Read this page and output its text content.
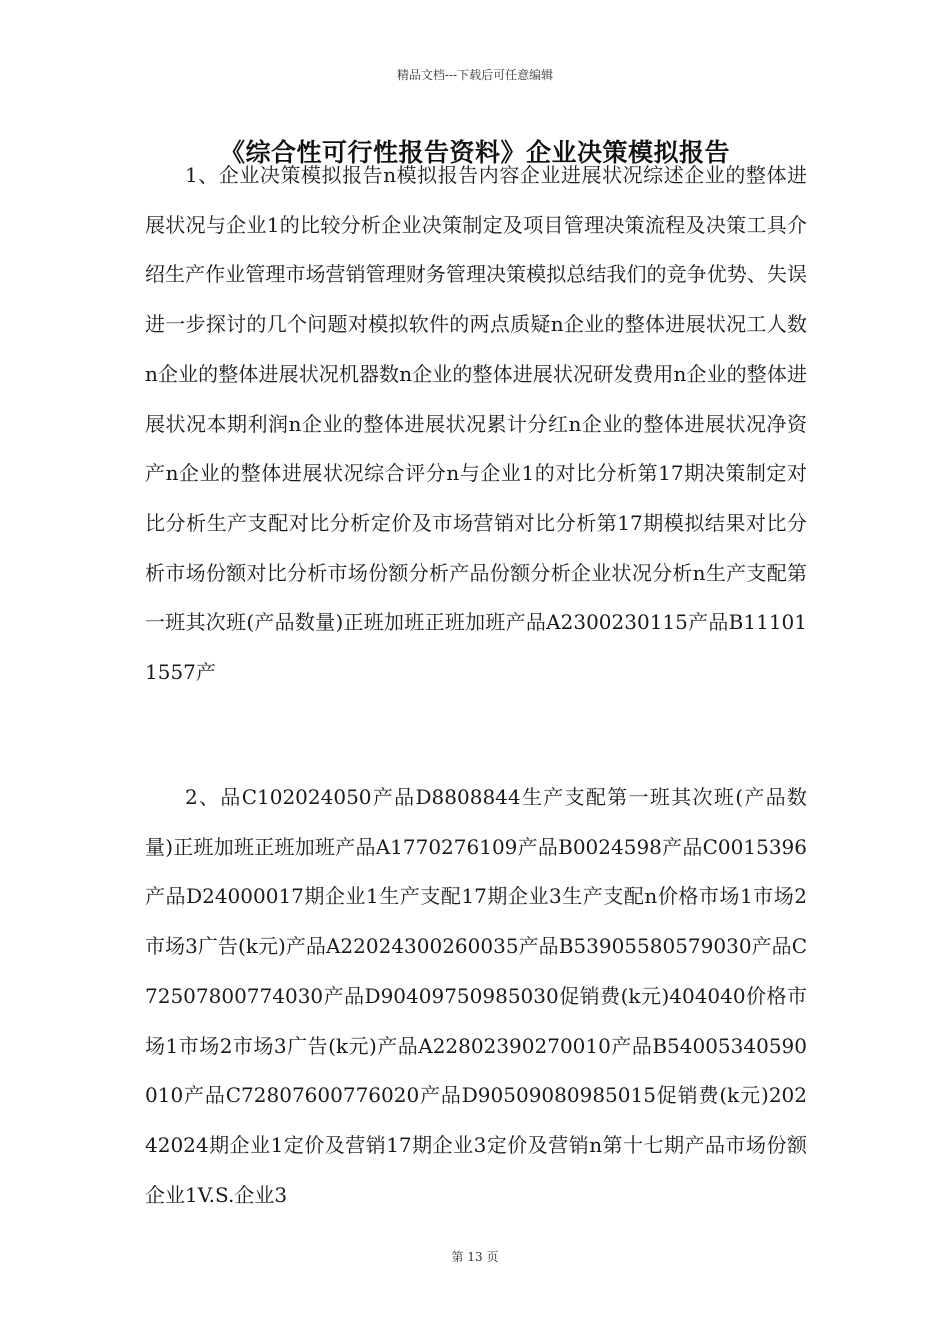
精品文档---下载后可任意编辑
《综合性可行性报告资料》企业决策模拟报告

1、企业决策模拟报告n模拟报告内容企业进展状况综述企业的整体进展状况与企业1的比较分析企业决策制定及项目管理决策流程及决策工具介绍生产作业管理市场营销管理财务管理决策模拟总结我们的竞争优势、失误进一步探讨的几个问题对模拟软件的两点质疑n企业的整体进展状况工人数n企业的整体进展状况机器数n企业的整体进展状况研发费用n企业的整体进展状况本期利润n企业的整体进展状况累计分红n企业的整体进展状况净资产n企业的整体进展状况综合评分n与企业1的对比分析第17期决策制定对比分析生产支配对比分析定价及市场营销对比分析第17期模拟结果对比分析市场份额对比分析市场份额分析产品份额分析企业状况分析n生产支配第一班其次班(产品数量)正班加班正班加班产品A2300230115产品B111011557产

2、品C102024050产品D8808844生产支配第一班其次班(产品数量)正班加班正班加班产品A1770276109产品B0024598产品C0015396产品D24000017期企业1生产支配17期企业3生产支配n价格市场1市场2市场3广告(k元)产品A22024300260035产品B53905580579030产品C72507800774030产品D90409750985030促销费(k元)404040价格市场1市场2市场3广告(k元)产品A22802390270010产品B54005340590010产品C72807600776020产品D90509080985015促销费(k元)20242024期企业1定价及营销17期企业3定价及营销n第十七期产品市场份额企业1V.S.企业3

第 13 页
